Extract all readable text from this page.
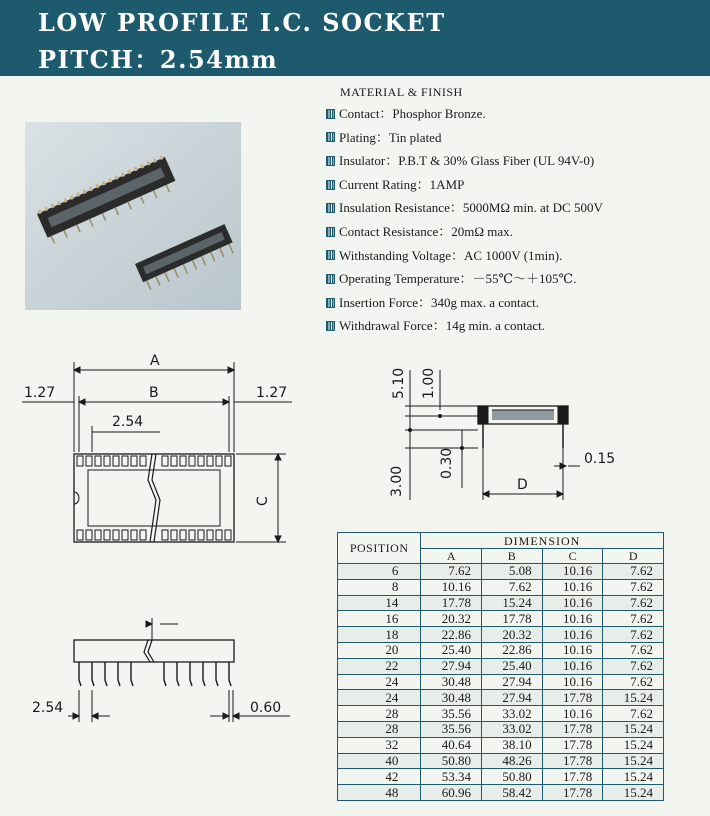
LOW PROFILE I.C. SOCKET
PITCH：2.54mm
MATERIAL & FINISH
Contact：Phosphor Bronze.
Plating：Tin plated
Insulator：P.B.T & 30% Glass Fiber (UL 94V-0)
Current Rating：1AMP
Insulation Resistance：5000MΩ min. at DC 500V
Contact Resistance：20mΩ max.
Withstanding Voltage：AC 1000V (1min).
Operating Temperature：－55℃～＋105℃.
Insertion Force：340g max. a contact.
Withdrawal Force：14g min. a contact.
A
B
1.27	1.27
2.54
C
5.10 1.00
0.30
3.00
0.15
D
2.54	0.60
POSITION	DIMENSION			
	A	B	C	D
6	7.62	5.08	10.16	7.62
8	10.16	7.62	10.16	7.62
14	17.78	15.24	10.16	7.62
16	20.32	17.78	10.16	7.62
18	22.86	20.32	10.16	7.62
20	25.40	22.86	10.16	7.62
22	27.94	25.40	10.16	7.62
24	30.48	27.94	10.16	7.62
24	30.48	27.94	17.78	15.24
28	35.56	33.02	10.16	7.62
28	35.56	33.02	17.78	15.24
32	40.64	38.10	17.78	15.24
40	50.80	48.26	17.78	15.24
42	53.34	50.80	17.78	15.24
48	60.96	58.42	17.78	15.24
